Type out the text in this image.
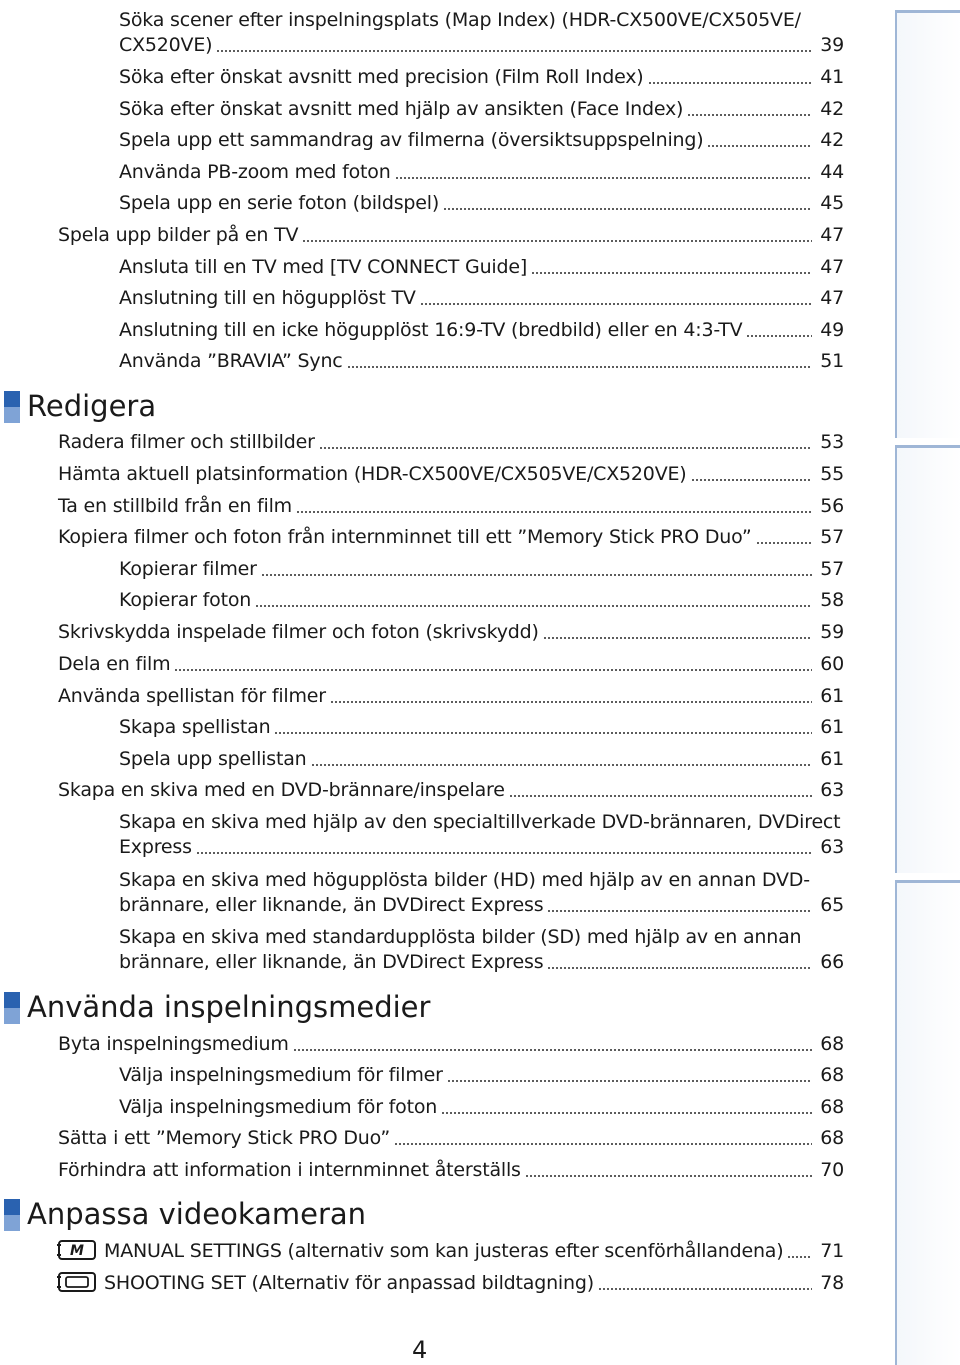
Redigera
Använda inspelningsmedier
Anpassa videokameran
M
4
Söka scener efter inspelningsplats (Map Index) (HDR-CX500VE/CX505VE/
CX520VE)	39
Söka efter önskat avsnitt med precision (Film Roll Index)	41
Söka efter önskat avsnitt med hjälp av ansikten (Face Index)	42
Spela upp ett sammandrag av filmerna (översiktsuppspelning)	42
Använda PB-zoom med foton	44
Spela upp en serie foton (bildspel)	45
Spela upp bilder på en TV	47
Ansluta till en TV med [TV CONNECT Guide]	47
Anslutning till en högupplöst TV	47
Anslutning till en icke högupplöst 16:9-TV (bredbild) eller en 4:3-TV	49
Använda ”BRAVIA” Sync	51
Radera filmer och stillbilder	53
Hämta aktuell platsinformation (HDR-CX500VE/CX505VE/CX520VE)	55
Ta en stillbild från en film	56
Kopiera filmer och foton från internminnet till ett ”Memory Stick PRO Duo”	57
Kopierar filmer	57
Kopierar foton	58
Skrivskydda inspelade filmer och foton (skrivskydd)	59
Dela en film	60
Använda spellistan för filmer	61
Skapa spellistan	61
Spela upp spellistan	61
Skapa en skiva med en DVD-brännare/inspelare	63
Skapa en skiva med hjälp av den specialtillverkade DVD-brännaren, DVDirect
Express	63
Skapa en skiva med högupplösta bilder (HD) med hjälp av en annan DVD-
brännare, eller liknande, än DVDirect Express	65
Skapa en skiva med standardupplösta bilder (SD) med hjälp av en annan
brännare, eller liknande, än DVDirect Express	66
Byta inspelningsmedium	68
Välja inspelningsmedium för filmer	68
Välja inspelningsmedium för foton	68
Sätta i ett ”Memory Stick PRO Duo”	68
Förhindra att information i internminnet återställs	70
MANUAL SETTINGS (alternativ som kan justeras efter scenförhållandena) 71
SHOOTING SET (Alternativ för anpassad bildtagning)	78
